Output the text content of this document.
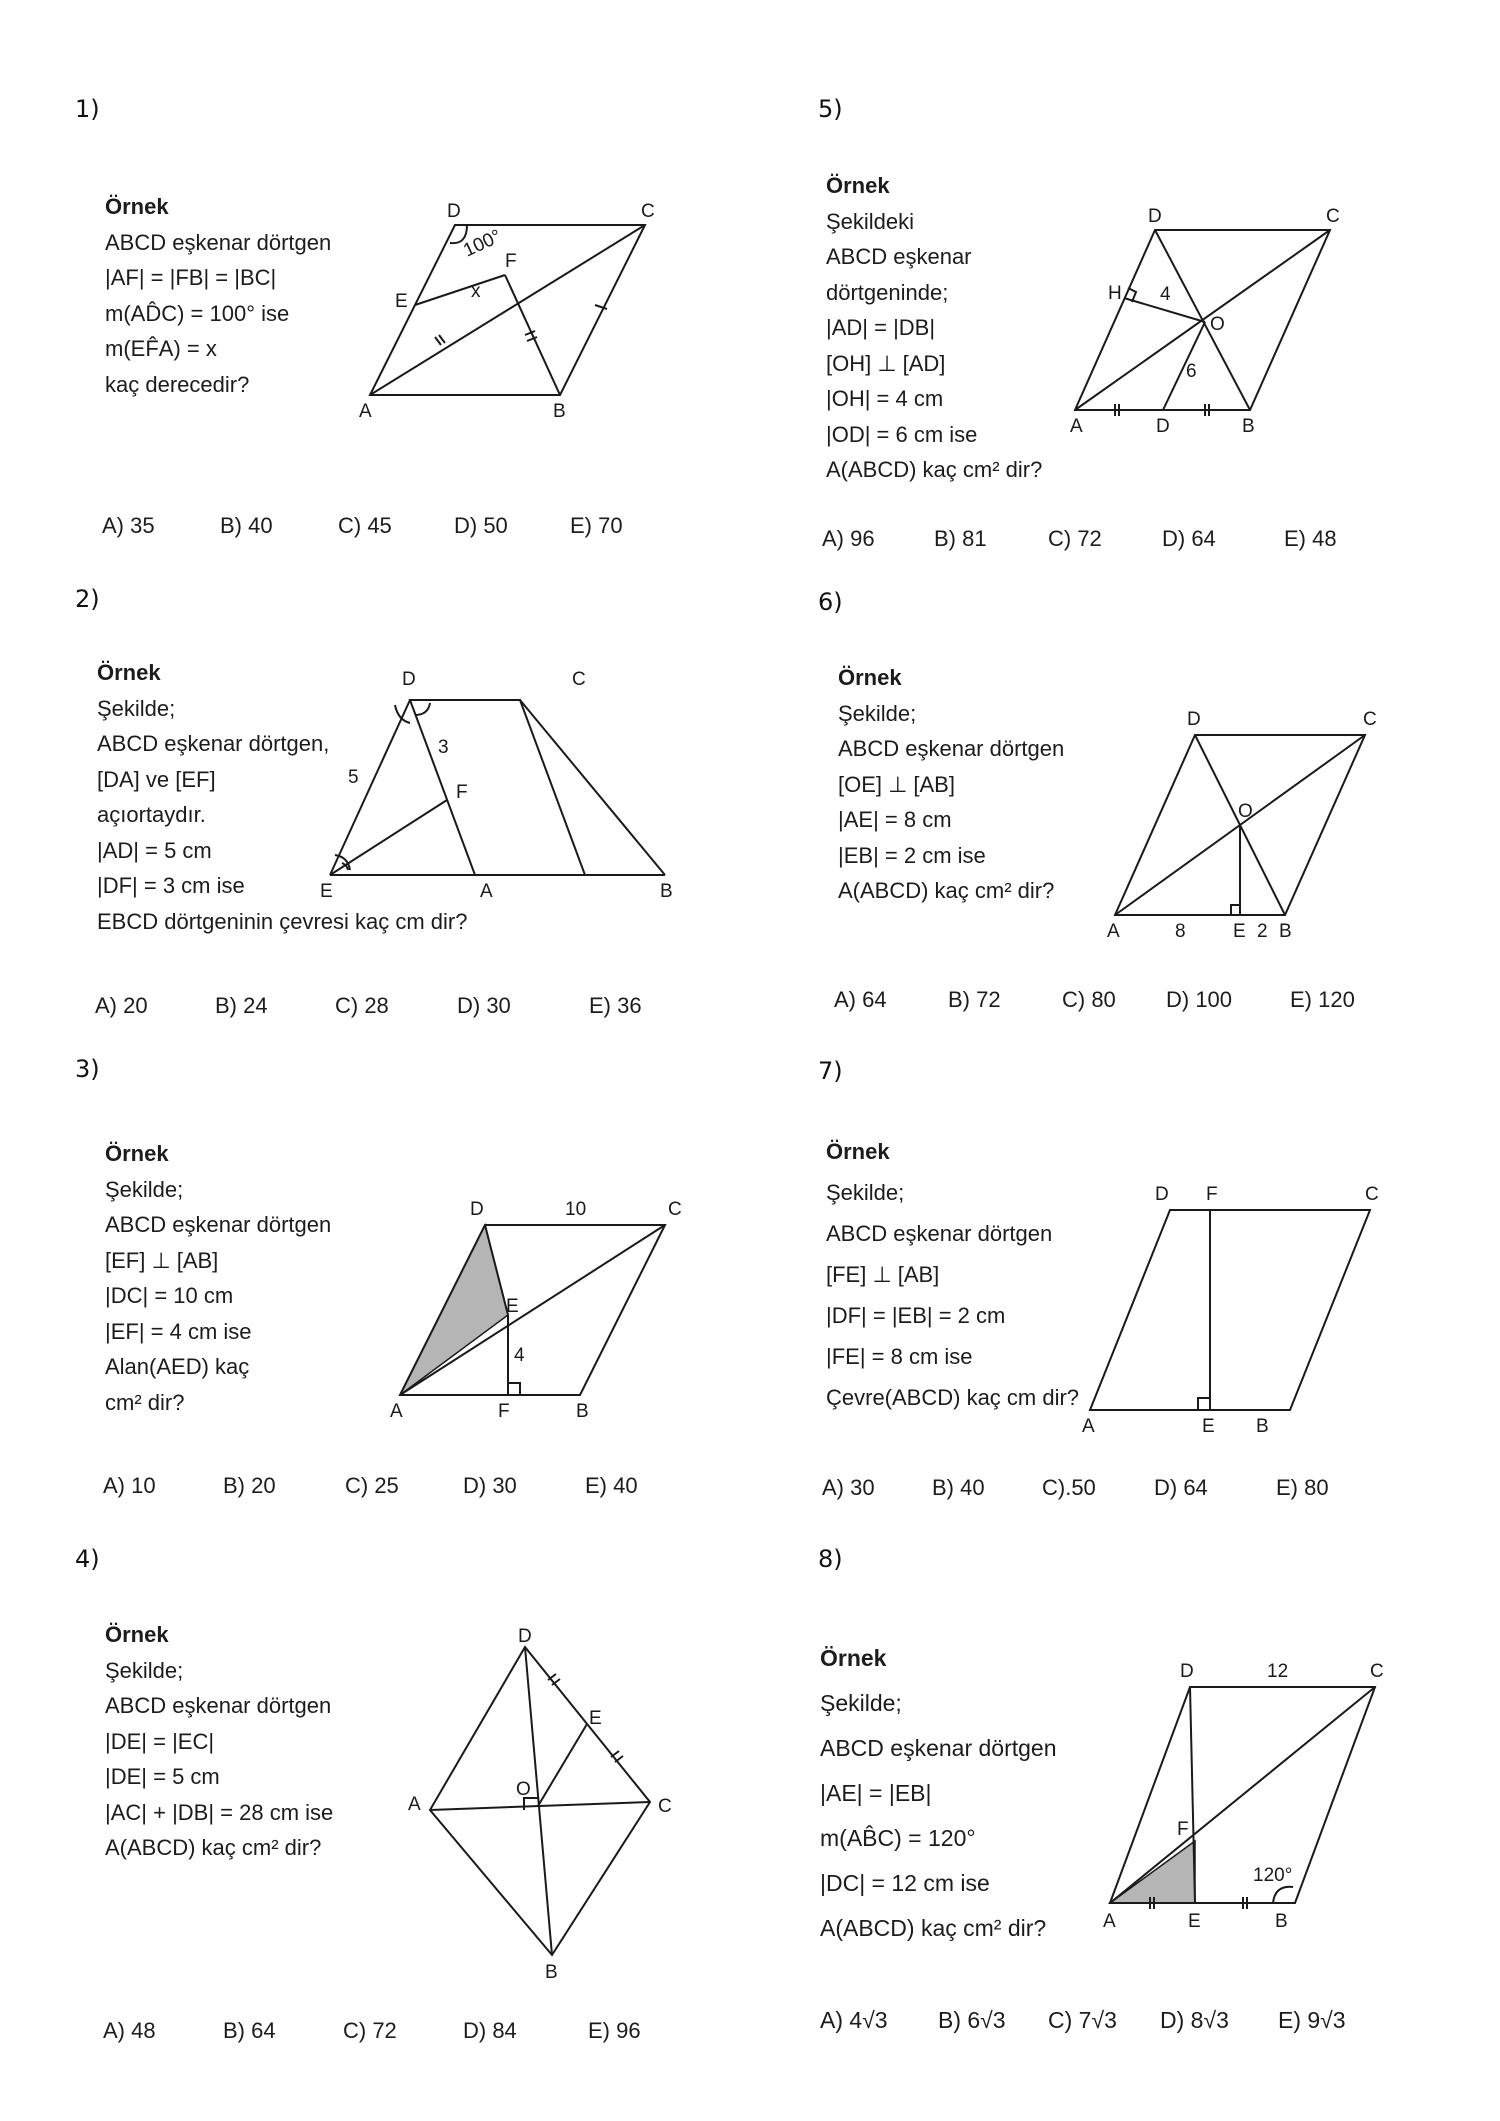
1)
Örnek
ABCD eşkenar dörtgen
|AF| = |FB| = |BC|
m(AD̂C) = 100° ise
m(EF̂A) = x
kaç derecedir?
D	C
A	B
E
F
100°
x
A) 35	B) 40	C) 45	D) 50	E) 70
2)
Örnek
Şekilde;
ABCD eşkenar dörtgen,
[DA] ve [EF]
açıortaydır.
|AD| = 5 cm
|DF| = 3 cm ise
EBCD dörtgeninin çevresi kaç cm dir?
D	C
E	A	B
F
5
3
A) 20	B) 24	C) 28	D) 30	E) 36
3)
Örnek
Şekilde;
ABCD eşkenar dörtgen
[EF] ⊥ [AB]
|DC| = 10 cm
|EF| = 4 cm ise
Alan(AED) kaç
cm² dir?
D	10	C
A	F	B
E
4
A) 10	B) 20	C) 25	D) 30	E) 40
4)
Örnek
Şekilde;
ABCD eşkenar dörtgen
|DE| = |EC|
|DE| = 5 cm
|AC| + |DB| = 28 cm ise
A(ABCD) kaç cm² dir?
D
C
A
B
E
O
A) 48	B) 64	C) 72	D) 84	E) 96
5)
Örnek
Şekildeki
ABCD eşkenar
dörtgeninde;
|AD| = |DB|
[OH] ⊥ [AD]
|OH| = 4 cm
|OD| = 6 cm ise
A(ABCD) kaç cm² dir?
D	C
A	D	B
H
O
4
6
A) 96	B) 81	C) 72	D) 64	E) 48
6)
Örnek
Şekilde;
ABCD eşkenar dörtgen
[OE] ⊥ [AB]
|AE| = 8 cm
|EB| = 2 cm ise
A(ABCD) kaç cm² dir?
D	C
A	8 E 2 B
O
A) 64	B) 72	C) 80 D) 100	E) 120
7)
Örnek
Şekilde;
ABCD eşkenar dörtgen
[FE] ⊥ [AB]
|DF| = |EB| = 2 cm
|FE| = 8 cm ise
Çevre(ABCD) kaç cm dir?
D F	C
A	E B
A) 30	B) 40	C).50	D) 64	E) 80
8)
Örnek
Şekilde;
ABCD eşkenar dörtgen
|AE| = |EB|
m(AB̂C) = 120°
|DC| = 12 cm ise
A(ABCD) kaç cm² dir?
D	12	C
A	E	B
F
120°
A) 4√3 B) 6√3 C) 7√3 D) 8√3 E) 9√3
